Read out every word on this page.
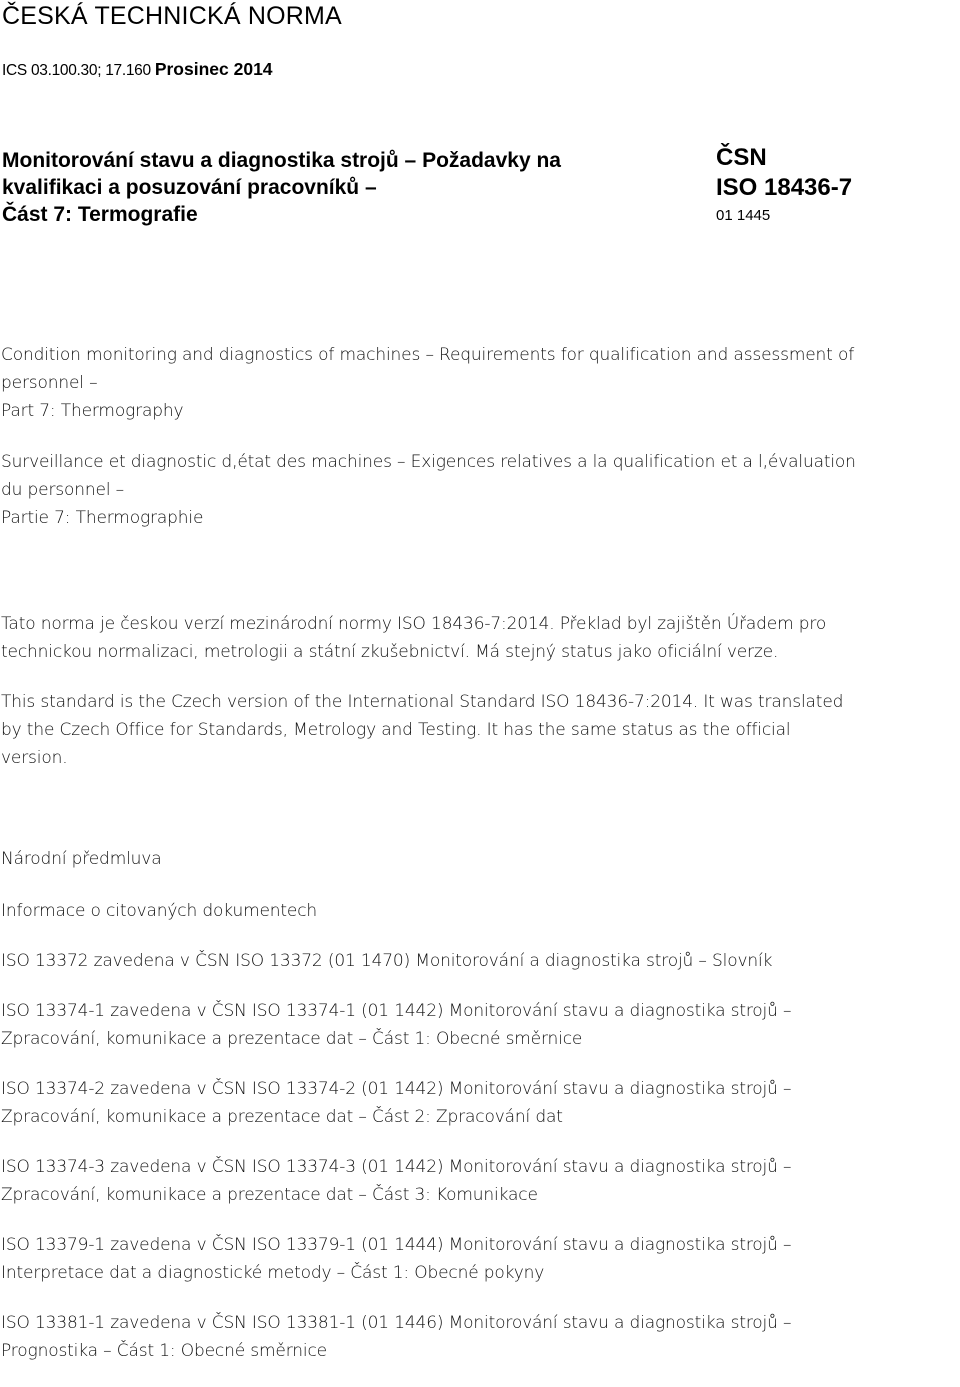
ČESKÁ TECHNICKÁ NORMA
ICS 03.100.30; 17.160 Prosinec 2014
Monitorování stavu a diagnostika strojů – Požadavky na
kvalifikaci a posuzování pracovníků –
Část 7: Termografie
ČSN
ISO 18436-7
01 1445
Condition monitoring and diagnostics of machines – Requirements for qualification and assessment of
personnel –
Part 7: Thermography
Surveillance et diagnostic d‚état des machines – Exigences relatives a la qualification et a l‚évaluation
du personnel –
Partie 7: Thermographie
Tato norma je českou verzí mezinárodní normy ISO 18436-7:2014. Překlad byl zajištěn Úřadem pro
technickou normalizaci, metrologii a státní zkušebnictví. Má stejný status jako oficiální verze.
This standard is the Czech version of the International Standard ISO 18436-7:2014. It was translated
by the Czech Office for Standards, Metrology and Testing. It has the same status as the official
version.
Národní předmluva
Informace o citovaných dokumentech
ISO 13372 zavedena v ČSN ISO 13372 (01 1470) Monitorování a diagnostika strojů – Slovník
ISO 13374-1 zavedena v ČSN ISO 13374-1 (01 1442) Monitorování stavu a diagnostika strojů –
Zpracování, komunikace a prezentace dat – Část 1: Obecné směrnice
ISO 13374-2 zavedena v ČSN ISO 13374-2 (01 1442) Monitorování stavu a diagnostika strojů –
Zpracování, komunikace a prezentace dat – Část 2: Zpracování dat
ISO 13374-3 zavedena v ČSN ISO 13374-3 (01 1442) Monitorování stavu a diagnostika strojů –
Zpracování, komunikace a prezentace dat – Část 3: Komunikace
ISO 13379-1 zavedena v ČSN ISO 13379-1 (01 1444) Monitorování stavu a diagnostika strojů –
Interpretace dat a diagnostické metody – Část 1: Obecné pokyny
ISO 13381-1 zavedena v ČSN ISO 13381-1 (01 1446) Monitorování stavu a diagnostika strojů –
Prognostika – Část 1: Obecné směrnice
